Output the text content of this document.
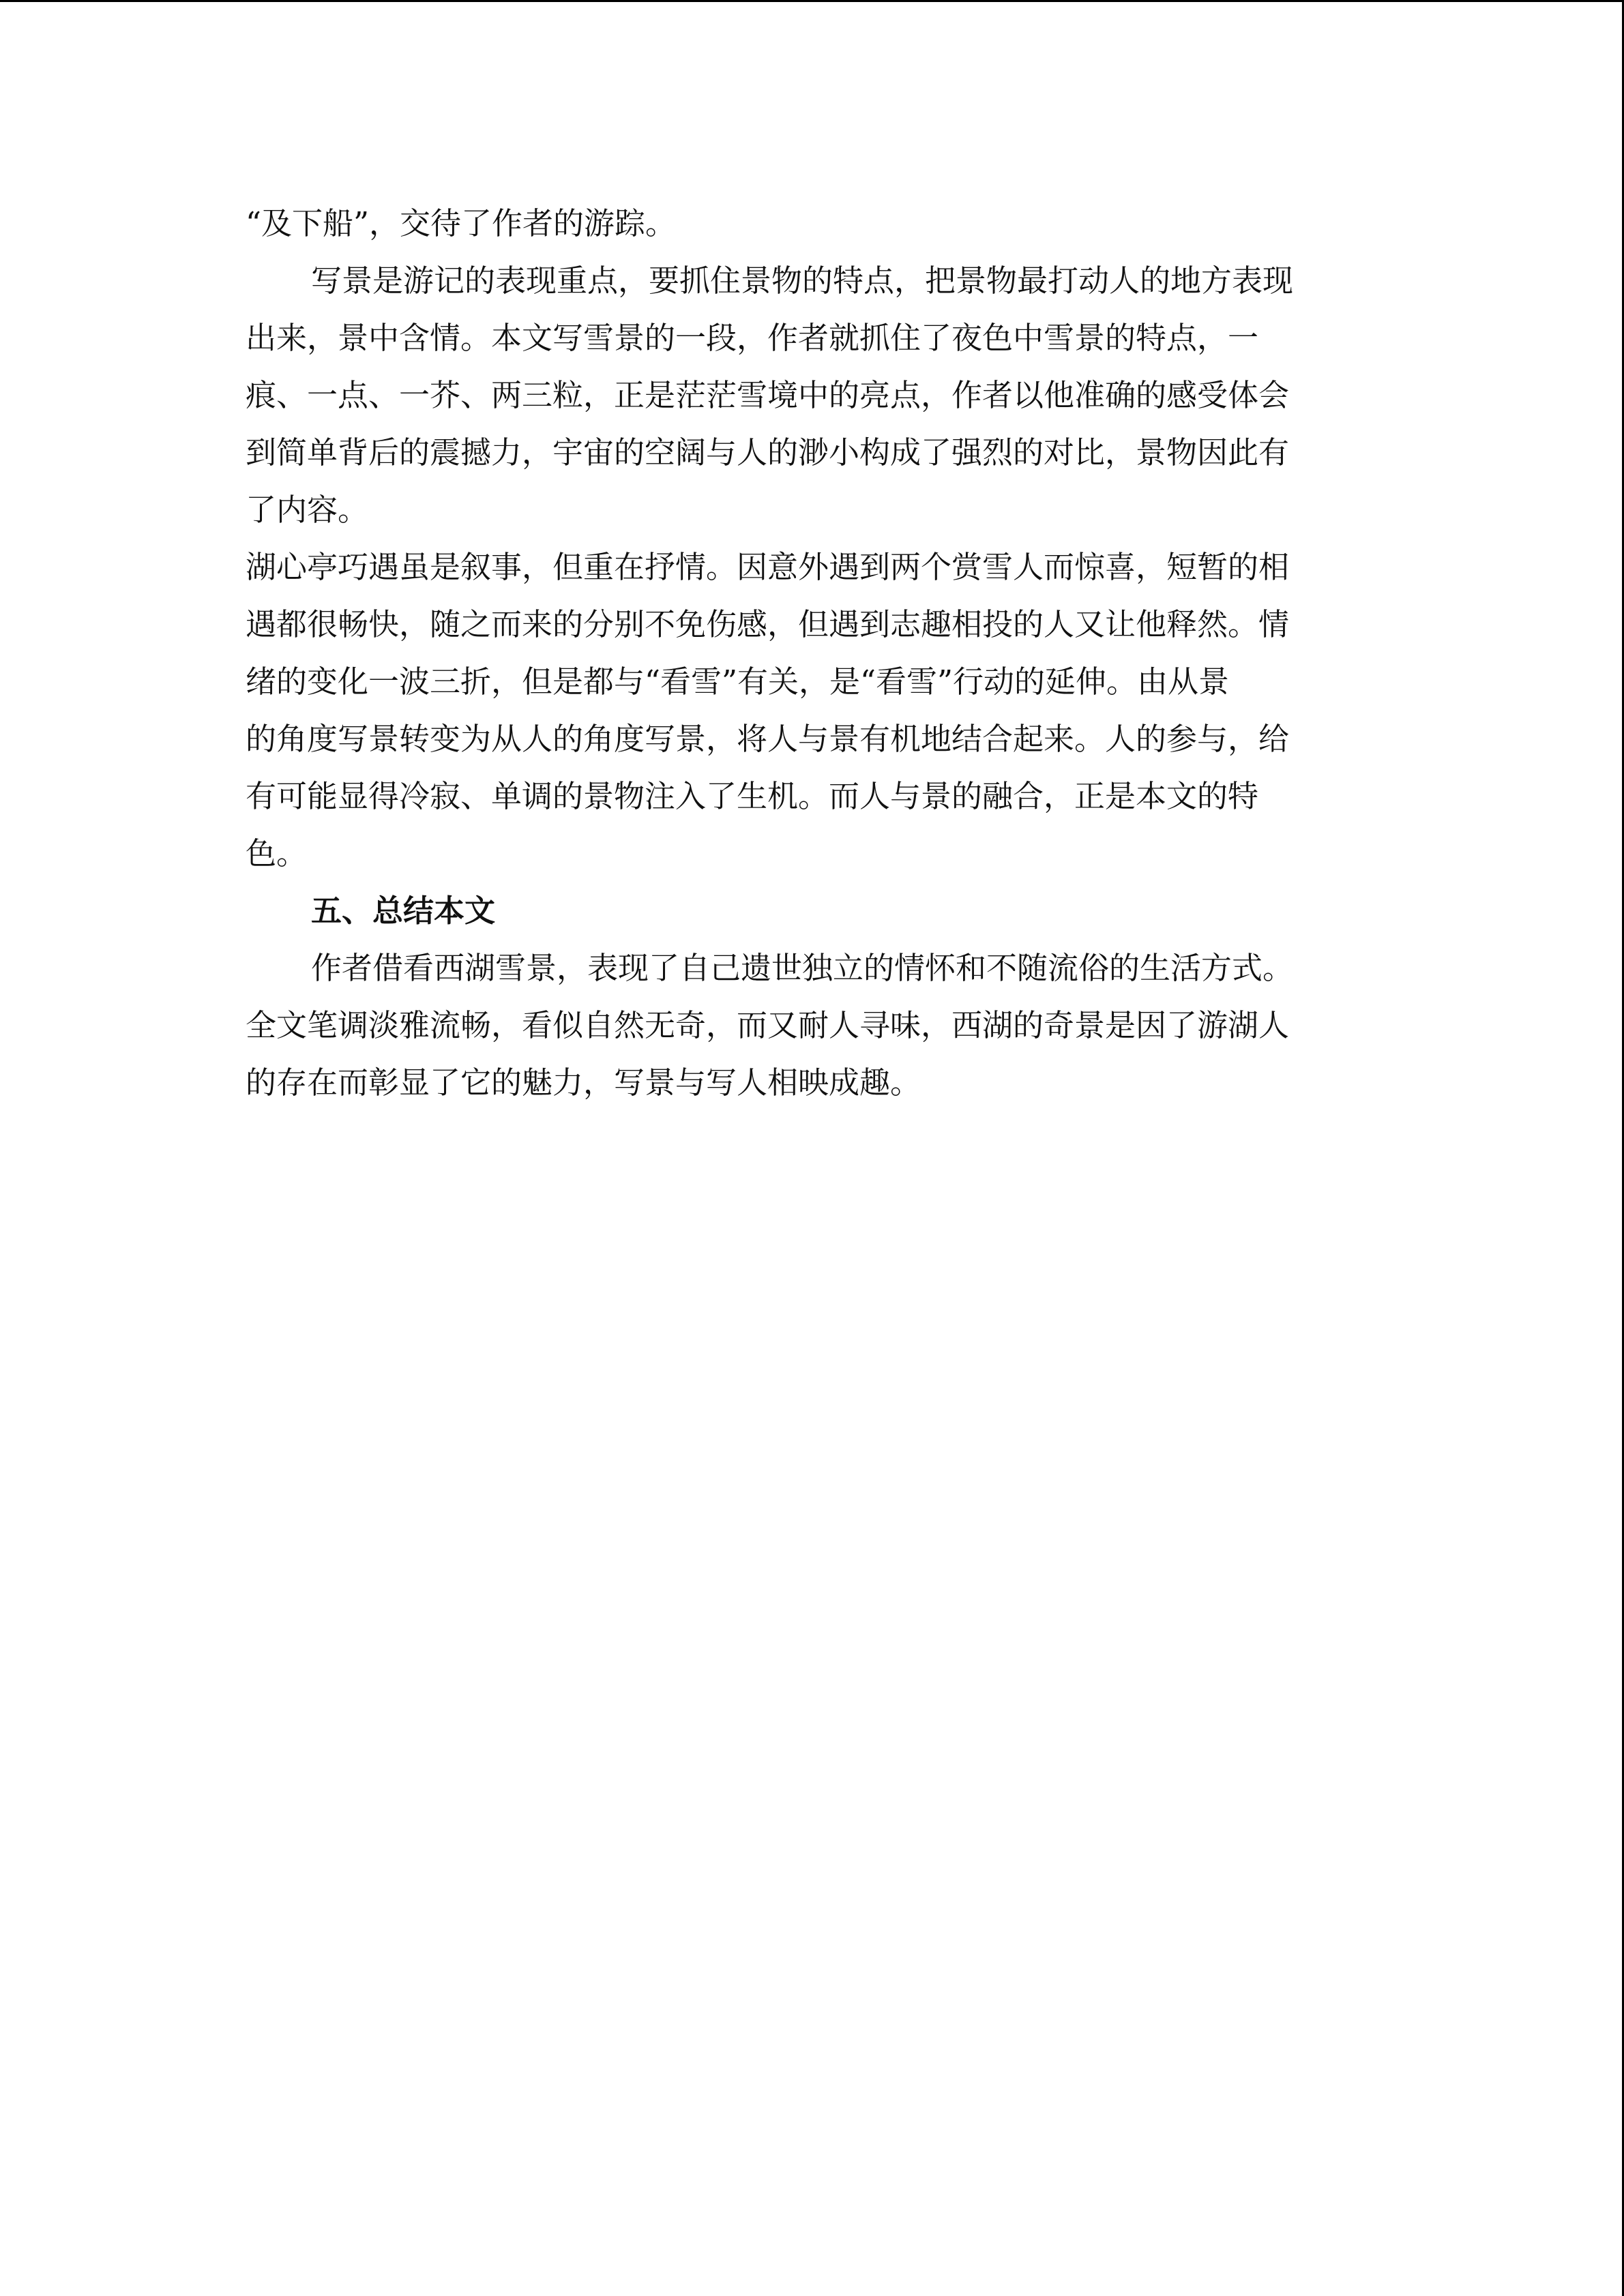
“及下船”，交待了作者的游踪。
写景是游记的表现重点，要抓住景物的特点，把景物最打动人的地方表现
出来，景中含情。本文写雪景的一段，作者就抓住了夜色中雪景的特点，一
痕、一点、一芥、两三粒，正是茫茫雪境中的亮点，作者以他准确的感受体会
到简单背后的震撼力，宇宙的空阔与人的渺小构成了强烈的对比，景物因此有
了内容。
湖心亭巧遇虽是叙事，但重在抒情。因意外遇到两个赏雪人而惊喜，短暂的相
遇都很畅快，随之而来的分别不免伤感，但遇到志趣相投的人又让他释然。情
绪的变化一波三折，但是都与“看雪”有关，是“看雪”行动的延伸。由从景
的角度写景转变为从人的角度写景，将人与景有机地结合起来。人的参与，给
有可能显得冷寂、单调的景物注入了生机。而人与景的融合，正是本文的特
色。
五、总结本文
作者借看西湖雪景，表现了自己遗世独立的情怀和不随流俗的生活方式。
全文笔调淡雅流畅，看似自然无奇，而又耐人寻味，西湖的奇景是因了游湖人
的存在而彰显了它的魅力，写景与写人相映成趣。
